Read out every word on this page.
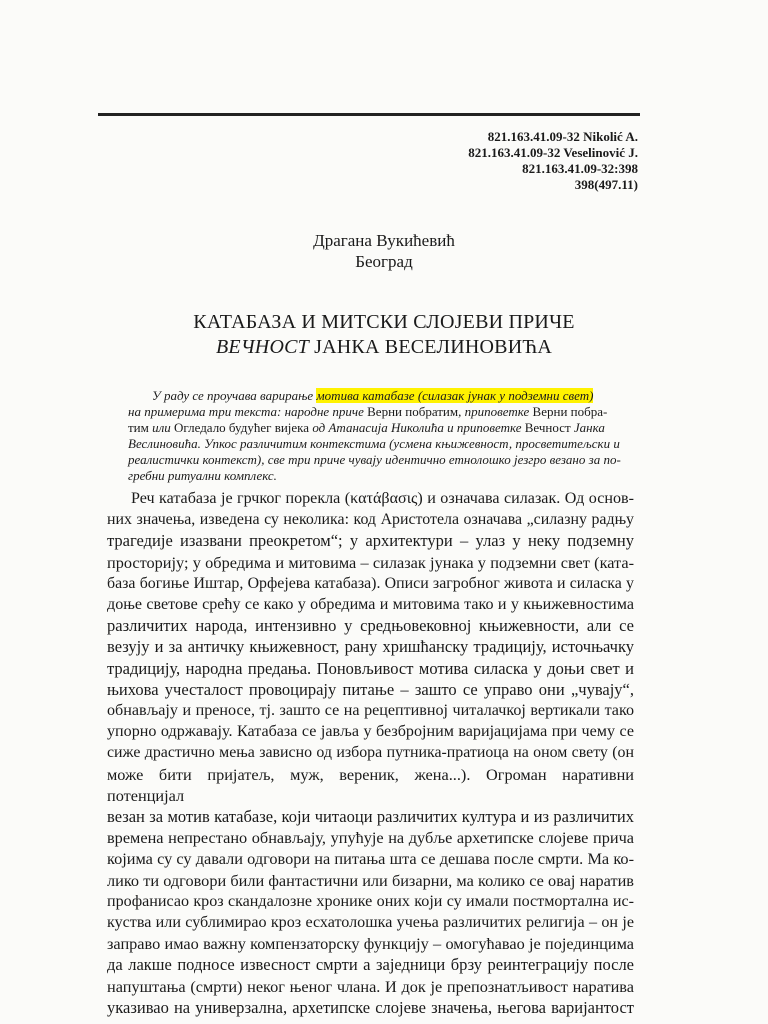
821.163.41.09-32 Nikolić A.
821.163.41.09-32 Veselinović J.
821.163.41.09-32:398
398(497.11)
Драгана Вукићевић
Београд
КАТАБАЗА И МИТСКИ СЛОЈЕВИ ПРИЧЕ
ВЕЧНОСТ ЈАНКА ВЕСЕЛИНОВИЋА
У раду се проучава варирање мотива катабазе (силазак јунак у подземни свет)
на примерима три текста: народне приче Верни побратим, приповетке Верни побра-
тим или Огледало будућег вијека од Атанасија Николића и приповетке Вечност Јанка
Веслиновића. Упкос различитим контекстима (усмена књижевност, просветитељски и
реалистички контекст), све три приче чувају идентично етнолошко језгро везано за по-
гребни ритуални комплекс.
Реч катабаза је грчког порекла (κατάβασις) и означава силазак. Од основ-
них значења, изведена су неколика: код Аристотела означава „силазну радњу
трагедије изазвани преокретом“; у архитектури – улаз у неку подземну
просторију; у обредима и митовима – силазак јунака у подземни свет (ката-
база богиње Иштар, Орфејева катабаза). Описи загробног живота и силаска у
доње световe срећу се како у обредима и митовима тако и у књижевностима
различитих народа, интензивно у средњовековној књижевности, али се
везују и за античку књижевност, рану хришћанску традицију, источњачку
традицију, народна предања. Поновљивост мотива силаска у доњи свет и
њихова учесталост провоцирају питање – зашто се управо они „чувају“,
обнављају и преносе, тј. зашто се на рецептивној читалачкој вертикали тако
упорно одржавају. Катабаза се јавља у безбројним варијацијама при чему се
сиже драстично мења зависно од избора путника-пратиоца на оном свету (он
може бити пријатељ, муж, вереник, жена...). Огроман наративни потенцијал
везан за мотив катабазе, који читаоци различитих култура и из различитих
времена непрестано обнављају, упућује на дубље архетипске слојеве прича
којима су су давали одговори на питања шта се дешава после смрти. Ма ко-
лико ти одговори били фантастични или бизарни, ма колико се овај наратив
профанисао кроз скандалозне хронике оних који су имали постмортална ис-
куства или сублимирао кроз есхатолошка учења различитих религија – он је
заправо имао важну компензаторску функцију – омогућавао је појединцима
да лакше подносе извесност смрти а заједници брзу реинтеграцију после
напуштања (смрти) неког њеног члана. И док је препознатљивост наратива
указивао на универзална, архетипске слојеве значења, његова варијантост
